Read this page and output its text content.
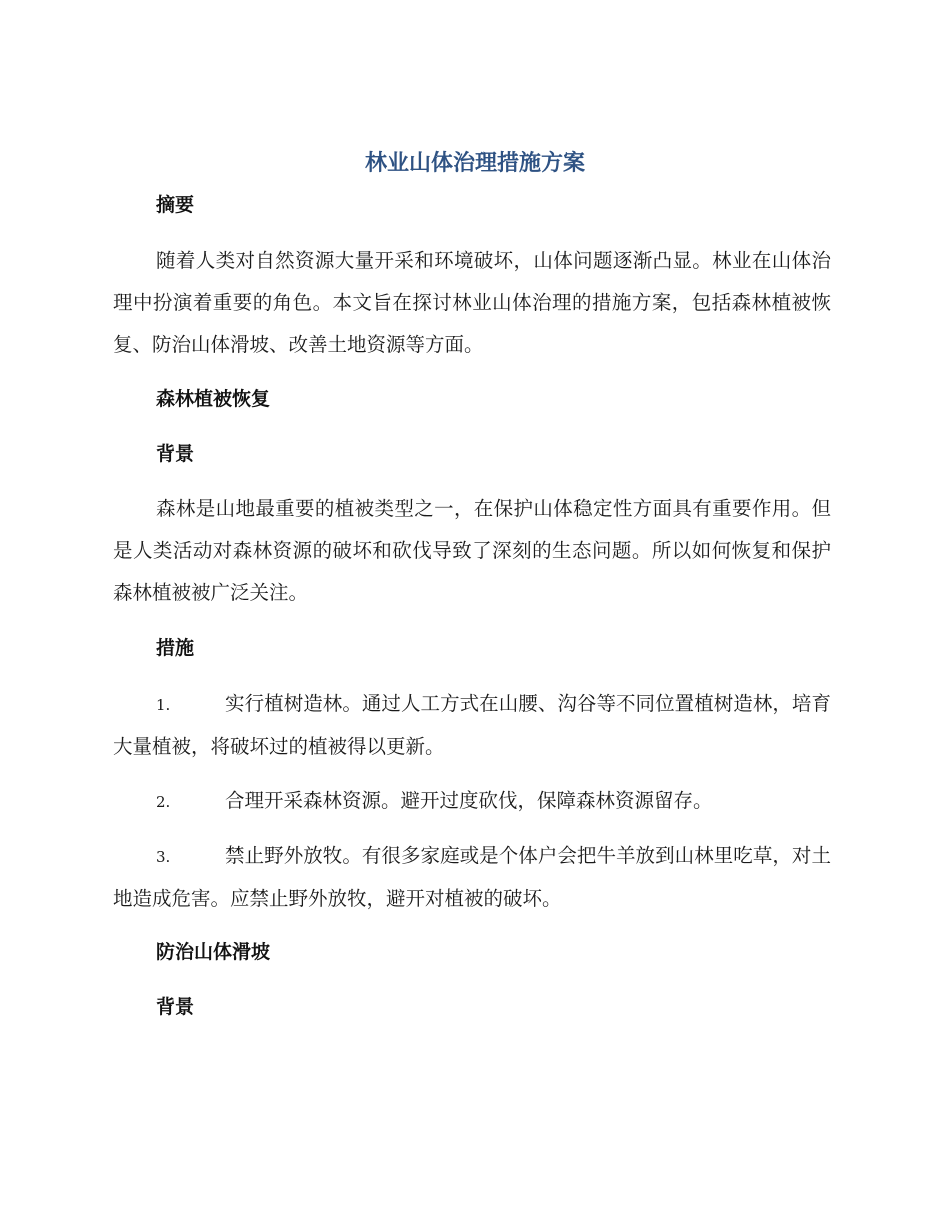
林业山体治理措施方案
摘要

随着人类对自然资源大量开采和环境破坏，山体问题逐渐凸显。林业在山体治理中扮演着重要的角色。本文旨在探讨林业山体治理的措施方案，包括森林植被恢复、防治山体滑坡、改善土地资源等方面。

森林植被恢复
背景

森林是山地最重要的植被类型之一，在保护山体稳定性方面具有重要作用。但是人类活动对森林资源的破坏和砍伐导致了深刻的生态问题。所以如何恢复和保护森林植被被广泛关注。

措施

1.	实行植树造林。通过人工方式在山腰、沟谷等不同位置植树造林，培育大量植被，将破坏过的植被得以更新。

2.	合理开采森林资源。避开过度砍伐，保障森林资源留存。

3.	禁止野外放牧。有很多家庭或是个体户会把牛羊放到山林里吃草，对土地造成危害。应禁止野外放牧，避开对植被的破坏。

防治山体滑坡
背景
